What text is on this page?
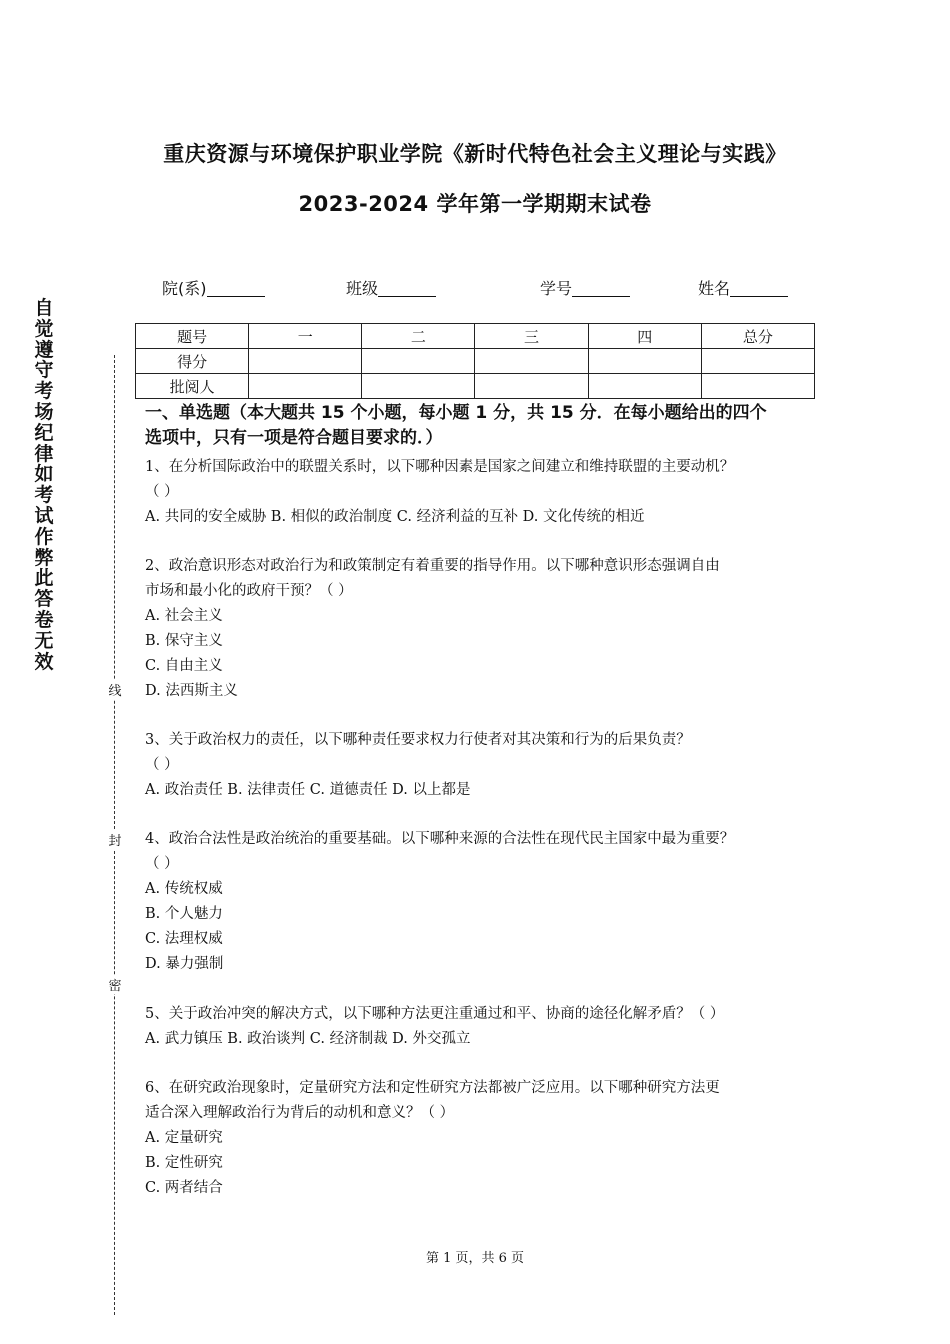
重庆资源与环境保护职业学院《新时代特色社会主义理论与实践》
2023-2024 学年第一学期期末试卷
院(系)	班级	学号	姓名
题号	一	二	三	四	总分
得分					
批阅人					
自觉遵守考场纪律如考试作弊此答卷无效
线
封
密
一、单选题（本大题共 15 个小题，每小题 1 分，共 15 分．在每小题给出的四个
选项中，只有一项是符合题目要求的．）
1、在分析国际政治中的联盟关系时，以下哪种因素是国家之间建立和维持联盟的主要动机？
（ ）
A. 共同的安全威胁 B. 相似的政治制度 C. 经济利益的互补 D. 文化传统的相近
2、政治意识形态对政治行为和政策制定有着重要的指导作用。以下哪种意识形态强调自由
市场和最小化的政府干预？（ ）
A. 社会主义
B. 保守主义
C. 自由主义
D. 法西斯主义
3、关于政治权力的责任，以下哪种责任要求权力行使者对其决策和行为的后果负责？
（ ）
A. 政治责任 B. 法律责任 C. 道德责任 D. 以上都是
4、政治合法性是政治统治的重要基础。以下哪种来源的合法性在现代民主国家中最为重要？
（ ）
A. 传统权威
B. 个人魅力
C. 法理权威
D. 暴力强制
5、关于政治冲突的解决方式，以下哪种方法更注重通过和平、协商的途径化解矛盾？（ ）
A. 武力镇压 B. 政治谈判 C. 经济制裁 D. 外交孤立
6、在研究政治现象时，定量研究方法和定性研究方法都被广泛应用。以下哪种研究方法更
适合深入理解政治行为背后的动机和意义？（ ）
A. 定量研究
B. 定性研究
C. 两者结合
第 1 页，共 6 页
